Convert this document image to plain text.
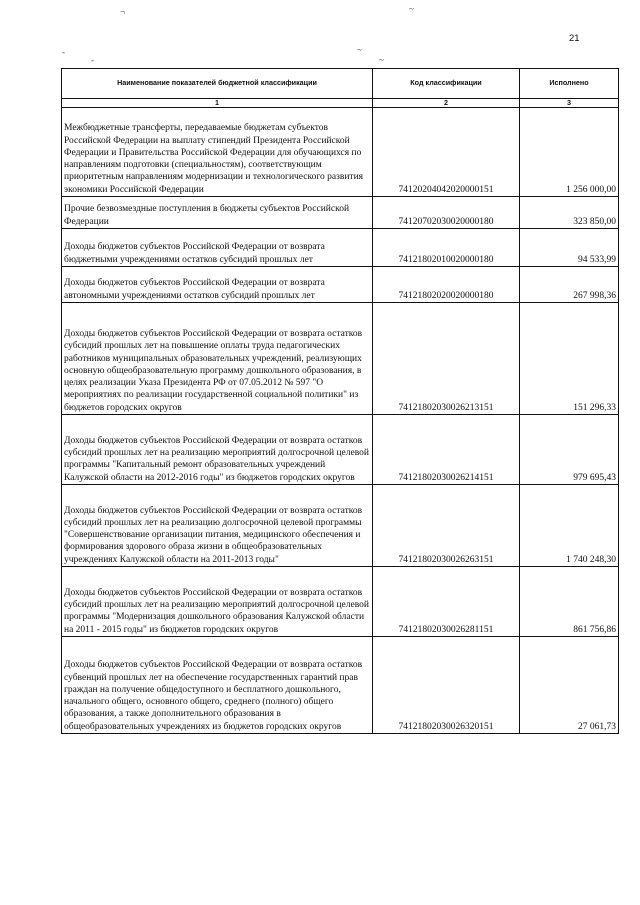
21
¬	~
-	~
-	~
Наименование показателей бюджетной классификации	Код классификации	Исполнено
1	2	3
Межбюджетные трансферты, передаваемые бюджетам субъектов Российской Федерации на выплату стипендий Президента Российской Федерации и Правительства Российской Федерации для обучающихся по направлениям подготовки (специальностям), соответствующим приоритетным направлениям модернизации и технологического развития экономики Российской Федерации	74120204042020000151	1 256 000,00
Прочие безвозмездные поступления в бюджеты субъектов Российской Федерации	74120702030020000180	323 850,00
Доходы бюджетов субъектов Российской Федерации от возврата бюджетными учреждениями остатков субсидий прошлых лет	74121802010020000180	94 533,99
Доходы бюджетов субъектов Российской Федерации от возврата автономными учреждениями остатков субсидий прошлых лет	74121802020020000180	267 998,36
Доходы бюджетов субъектов Российской Федерации от возврата остатков субсидий прошлых лет на повышение оплаты труда педагогических работников муниципальных образовательных учреждений, реализующих основную общеобразовательную программу дошкольного образования, в целях реализации Указа Президента РФ от 07.05.2012 № 597 "О мероприятиях по реализации государственной социальной политики" из бюджетов городских округов	74121802030026213151	151 296,33
Доходы бюджетов субъектов Российской Федерации от возврата остатков субсидий прошлых лет на реализацию мероприятий долгосрочной целевой программы "Капитальный ремонт образовательных учреждений Калужской области на 2012-2016 годы" из бюджетов городских округов	74121802030026214151	979 695,43
Доходы бюджетов субъектов Российской Федерации от возврата остатков субсидий прошлых лет на реализацию долгосрочной целевой программы "Совершенствование организации питания, медицинского обеспечения и формирования здорового образа жизни в общеобразовательных учреждениях Калужской области на 2011-2013 годы"	74121802030026263151	1 740 248,30
Доходы бюджетов субъектов Российской Федерации от возврата остатков субсидий прошлых лет на реализацию мероприятий долгосрочной целевой программы "Модернизация дошкольного образования Калужской области на 2011 - 2015 годы" из бюджетов городских округов	74121802030026281151	861 756,86
Доходы бюджетов субъектов Российской Федерации от возврата остатков субвенций прошлых лет на обеспечение государственных гарантий прав граждан на получение общедоступного и бесплатного дошкольного, начального общего, основного общего, среднего (полного) общего образования, а также дополнительного образования в общеобразовательных учреждениях из бюджетов городских округов	74121802030026320151	27 061,73
